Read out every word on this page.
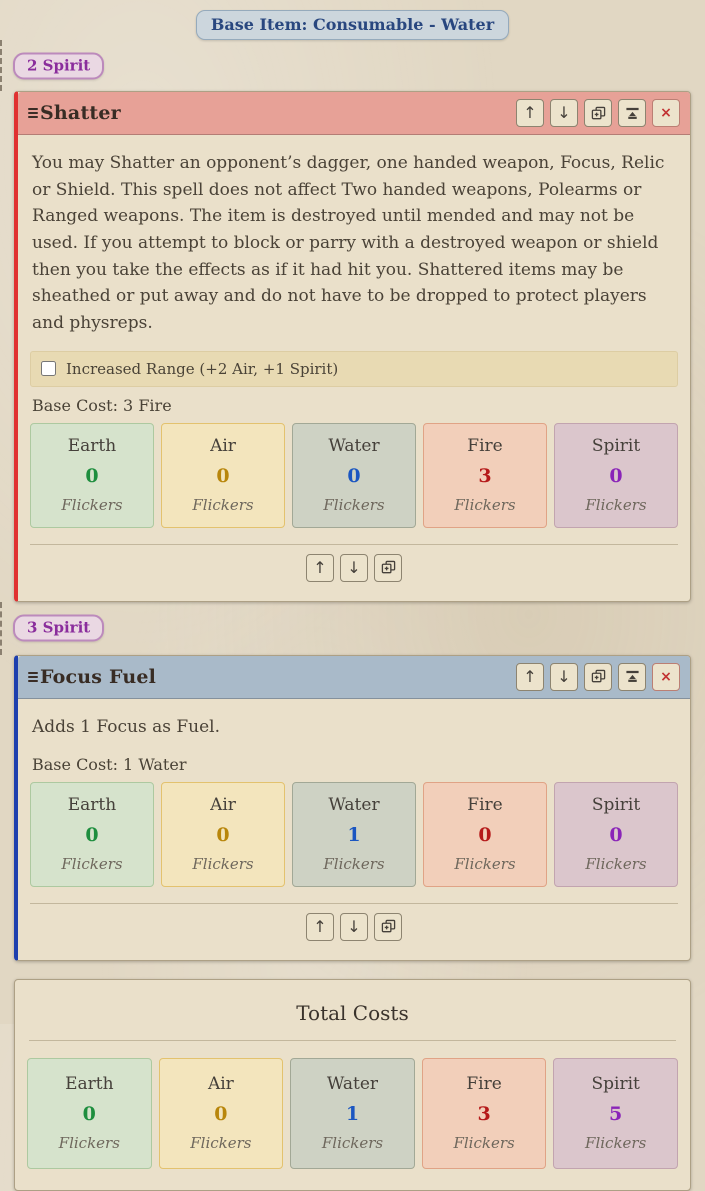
Base Item: Consumable - Water
2 Spirit
Shatter	↑ ↓	×

You may Shatter an opponent’s dagger, one handed weapon, Focus, Relic or Shield. This spell does not affect Two handed weapons, Polearms or Ranged weapons. The item is destroyed until mended and may not be used. If you attempt to block or parry with a destroyed weapon or shield then you take the effects as if it had hit you. Shattered items may be sheathed or put away and do not have to be dropped to protect players and physreps.

Increased Range (+2 Air, +1 Spirit)
Base Cost: 3 Fire
Earth
0
Flickers
Air
0
Flickers
Water
0
Flickers
Fire
3
Flickers
Spirit
0
Flickers
↑ ↓
3 Spirit
Focus Fuel	↑ ↓	×

Adds 1 Focus as Fuel.

Base Cost: 1 Water
Earth
0
Flickers
Air
0
Flickers
Water
1
Flickers
Fire
0
Flickers
Spirit
0
Flickers
↑ ↓
Total Costs
Earth
0
Flickers
Air
0
Flickers
Water
1
Flickers
Fire
3
Flickers
Spirit
5
Flickers
